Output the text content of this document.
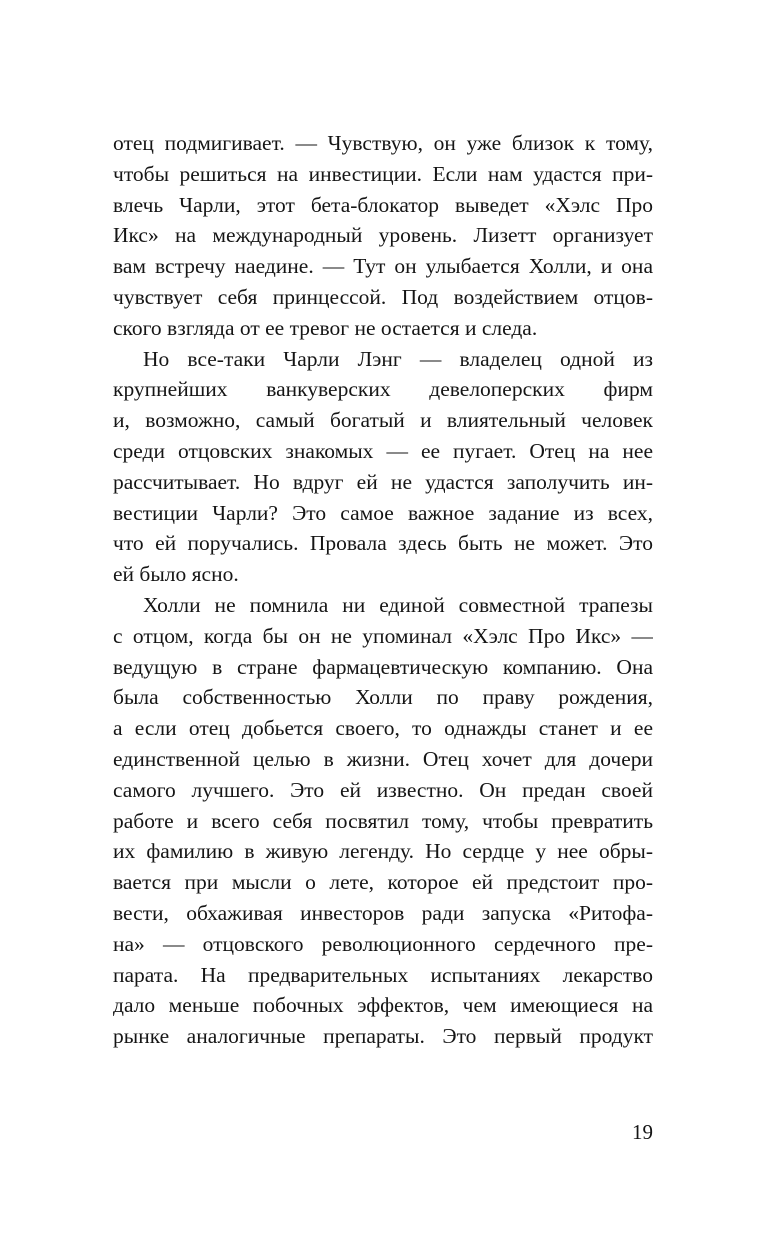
отец подмигивает. — Чувствую, он уже близок к тому,
чтобы решиться на инвестиции. Если нам удастся при-
влечь Чарли, этот бета-блокатор выведет «Хэлс Про
Икс» на международный уровень. Лизетт организует
вам встречу наедине. — Тут он улыбается Холли, и она
чувствует себя принцессой. Под воздействием отцов-
ского взгляда от ее тревог не остается и следа.
Но все-таки Чарли Лэнг — владелец одной из
крупнейших ванкуверских девелоперских фирм
и, возможно, самый богатый и влиятельный человек
среди отцовских знакомых — ее пугает. Отец на нее
рассчитывает. Но вдруг ей не удастся заполучить ин-
вестиции Чарли? Это самое важное задание из всех,
что ей поручались. Провала здесь быть не может. Это
ей было ясно.
Холли не помнила ни единой совместной трапезы
с отцом, когда бы он не упоминал «Хэлс Про Икс» —
ведущую в стране фармацевтическую компанию. Она
была собственностью Холли по праву рождения,
а если отец добьется своего, то однажды станет и ее
единственной целью в жизни. Отец хочет для дочери
самого лучшего. Это ей известно. Он предан своей
работе и всего себя посвятил тому, чтобы превратить
их фамилию в живую легенду. Но сердце у нее обры-
вается при мысли о лете, которое ей предстоит про-
вести, обхаживая инвесторов ради запуска «Ритофа-
на» — отцовского революционного сердечного пре-
парата. На предварительных испытаниях лекарство
дало меньше побочных эффектов, чем имеющиеся на
рынке аналогичные препараты. Это первый продукт
19
